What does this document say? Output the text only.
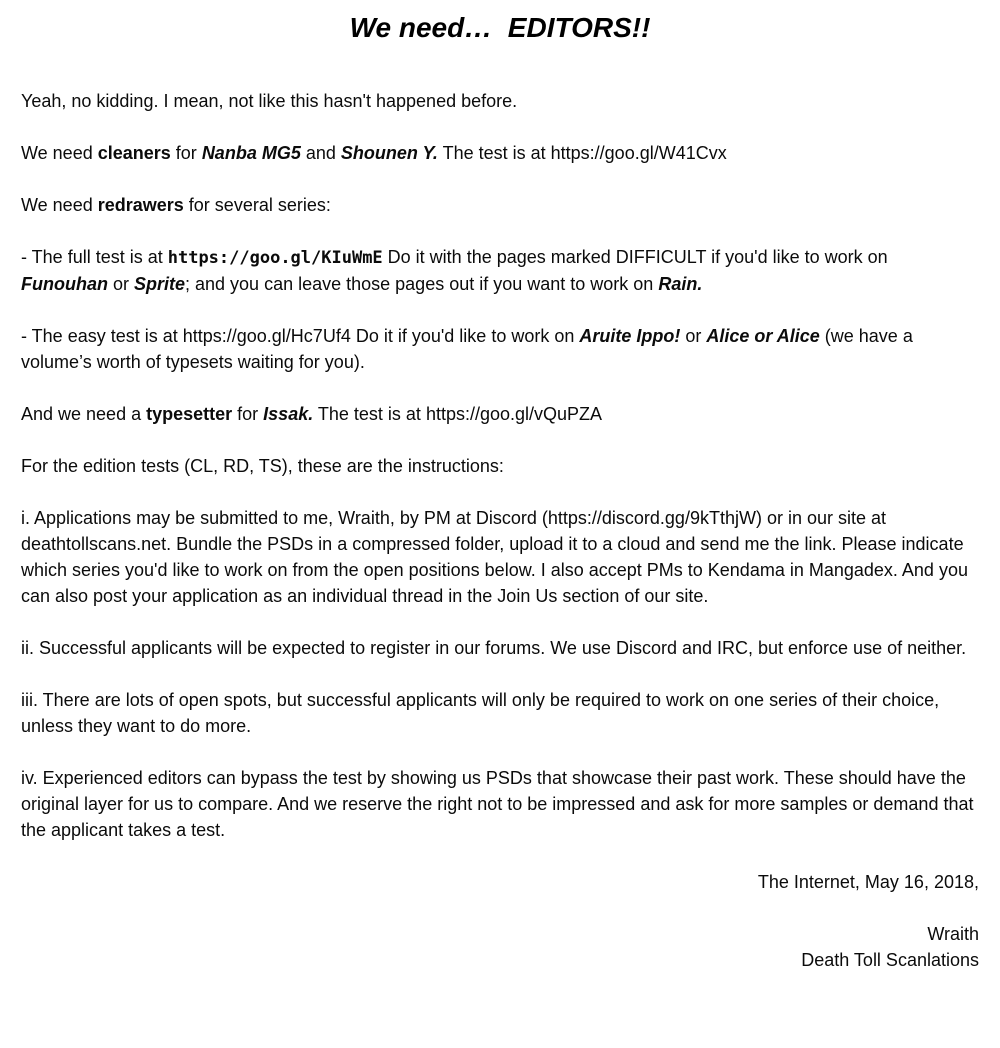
We need…  EDITORS!!

Yeah, no kidding. I mean, not like this hasn't happened before.

We need cleaners for Nanba MG5 and Shounen Y. The test is at https://goo.gl/W41Cvx

We need redrawers for several series:

- The full test is at https://goo.gl/KIuWmE Do it with the pages marked DIFFICULT if you'd like to work on Funouhan or Sprite; and you can leave those pages out if you want to work on Rain.

- The easy test is at https://goo.gl/Hc7Uf4 Do it if you'd like to work on Aruite Ippo! or Alice or Alice (we have a volume’s worth of typesets waiting for you).

And we need a typesetter for Issak. The test is at https://goo.gl/vQuPZA

For the edition tests (CL, RD, TS), these are the instructions:

i. Applications may be submitted to me, Wraith, by PM at Discord (https://discord.gg/9kTthjW) or in our site at deathtollscans.net. Bundle the PSDs in a compressed folder, upload it to a cloud and send me the link. Please indicate which series you'd like to work on from the open positions below. I also accept PMs to Kendama in Mangadex. And you can also post your application as an individual thread in the Join Us section of our site.

ii. Successful applicants will be expected to register in our forums. We use Discord and IRC, but enforce use of neither.

iii. There are lots of open spots, but successful applicants will only be required to work on one series of their choice, unless they want to do more.

iv. Experienced editors can bypass the test by showing us PSDs that showcase their past work. These should have the original layer for us to compare. And we reserve the right not to be impressed and ask for more samples or demand that the applicant takes a test.

The Internet, May 16, 2018,

Wraith
Death Toll Scanlations
